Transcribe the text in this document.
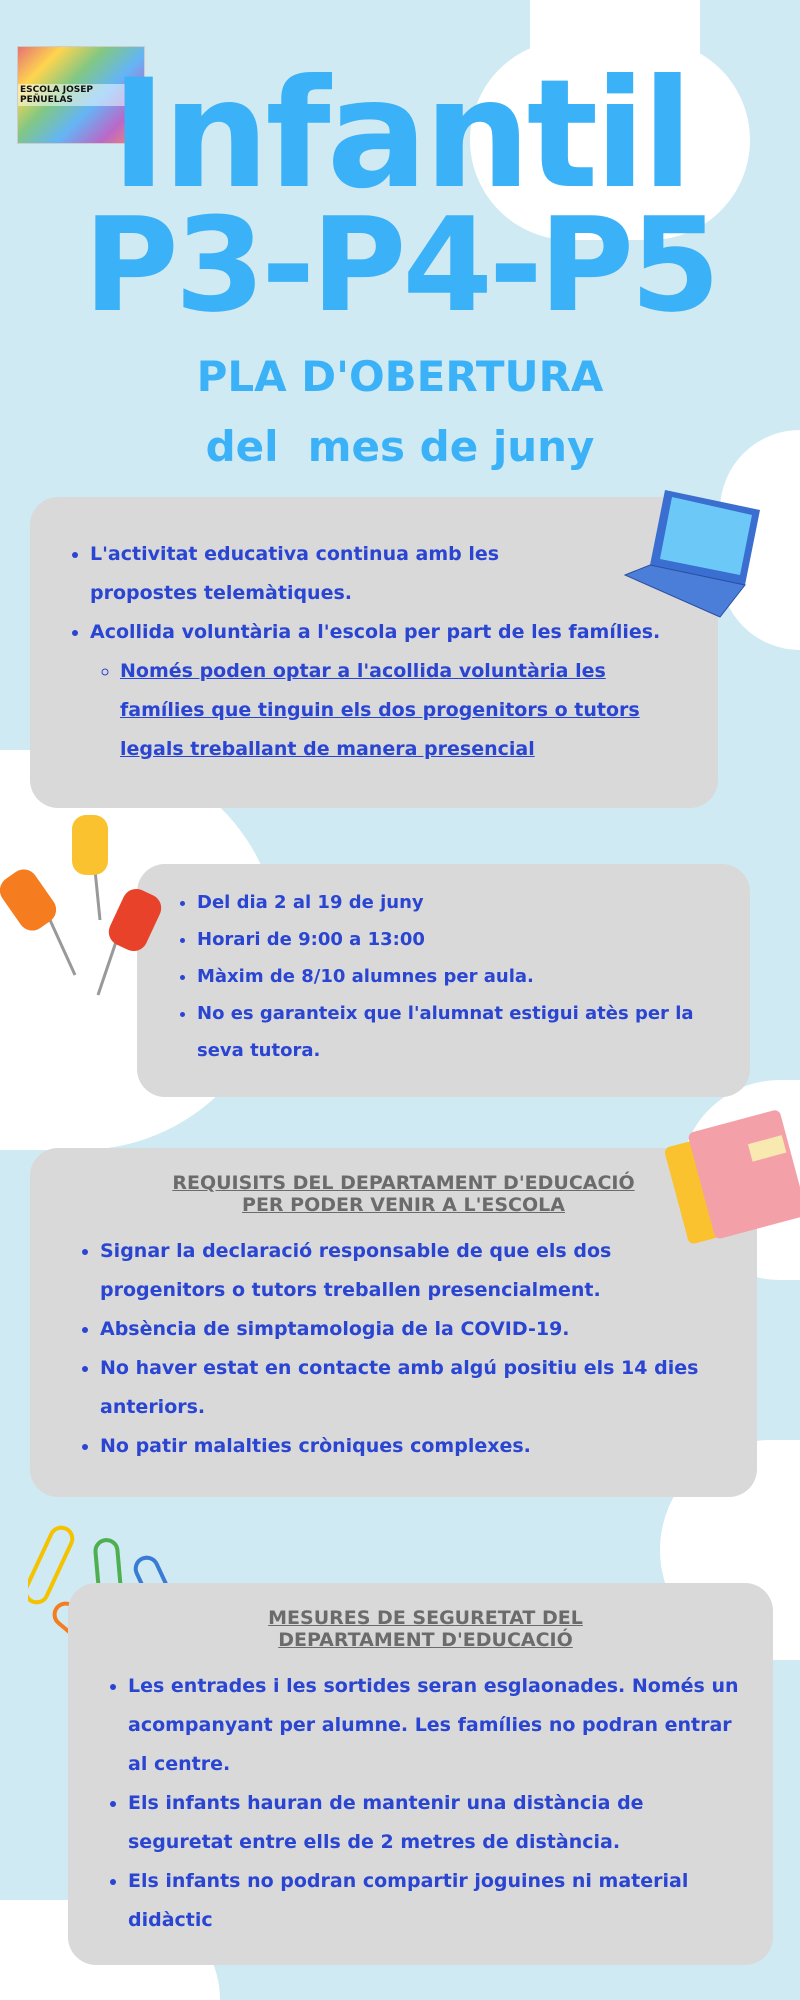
ESCOLA JOSEP PEÑUELAS Infantil
P3-P4-P5
PLA D'OBERTURA
del  mes de juny
• L'activitat educativa continua amb les propostes telemàtiques.
• Acollida voluntària a l'escola per part de les famílies.
◦ Només poden optar a l'acollida voluntària les famílies que tinguin els dos progenitors o tutors legals treballant de manera presencial
• Del dia 2 al 19 de juny
• Horari de 9:00 a 13:00
• Màxim de 8/10 alumnes per aula.
• No es garanteix que l'alumnat estigui atès per la seva tutora.
REQUISITS DEL DEPARTAMENT D'EDUCACIÓ
PER PODER VENIR A L'ESCOLA
• Signar la declaració responsable de que els dos progenitors o tutors treballen presencialment.
• Absència de simptamologia de la COVID-19.
• No haver estat en contacte amb algú positiu els 14 dies anteriors.
• No patir malalties cròniques complexes.
MESURES DE SEGURETAT DEL
DEPARTAMENT D'EDUCACIÓ
• Les entrades i les sortides seran esglaonades. Només un acompanyant per alumne. Les famílies no podran entrar al centre.
• Els infants hauran de mantenir una distància de seguretat entre ells de 2 metres de distància.
• Els infants no podran compartir joguines ni material didàctic
